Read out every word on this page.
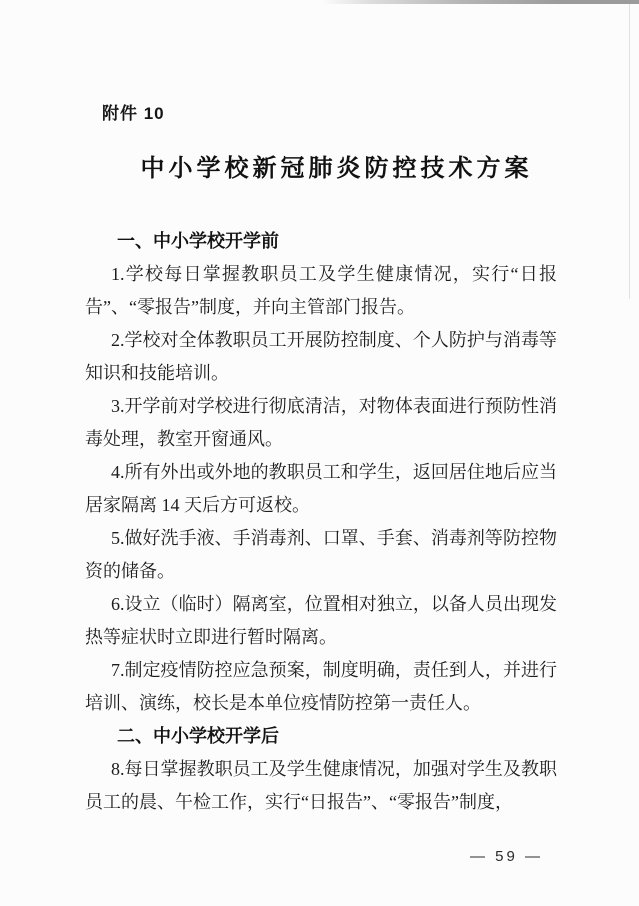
附件 10
中小学校新冠肺炎防控技术方案

一、中小学校开学前

1.学校每日掌握教职员工及学生健康情况，实行“日报告”、“零报告”制度，并向主管部门报告。

2.学校对全体教职员工开展防控制度、个人防护与消毒等知识和技能培训。

3.开学前对学校进行彻底清洁，对物体表面进行预防性消毒处理，教室开窗通风。

4.所有外出或外地的教职员工和学生，返回居住地后应当居家隔离 14 天后方可返校。

5.做好洗手液、手消毒剂、口罩、手套、消毒剂等防控物资的储备。

6.设立（临时）隔离室，位置相对独立，以备人员出现发热等症状时立即进行暂时隔离。

7.制定疫情防控应急预案，制度明确，责任到人，并进行培训、演练，校长是本单位疫情防控第一责任人。

二、中小学校开学后

8.每日掌握教职员工及学生健康情况，加强对学生及教职员工的晨、午检工作，实行“日报告”、“零报告”制度，

— 59 —
